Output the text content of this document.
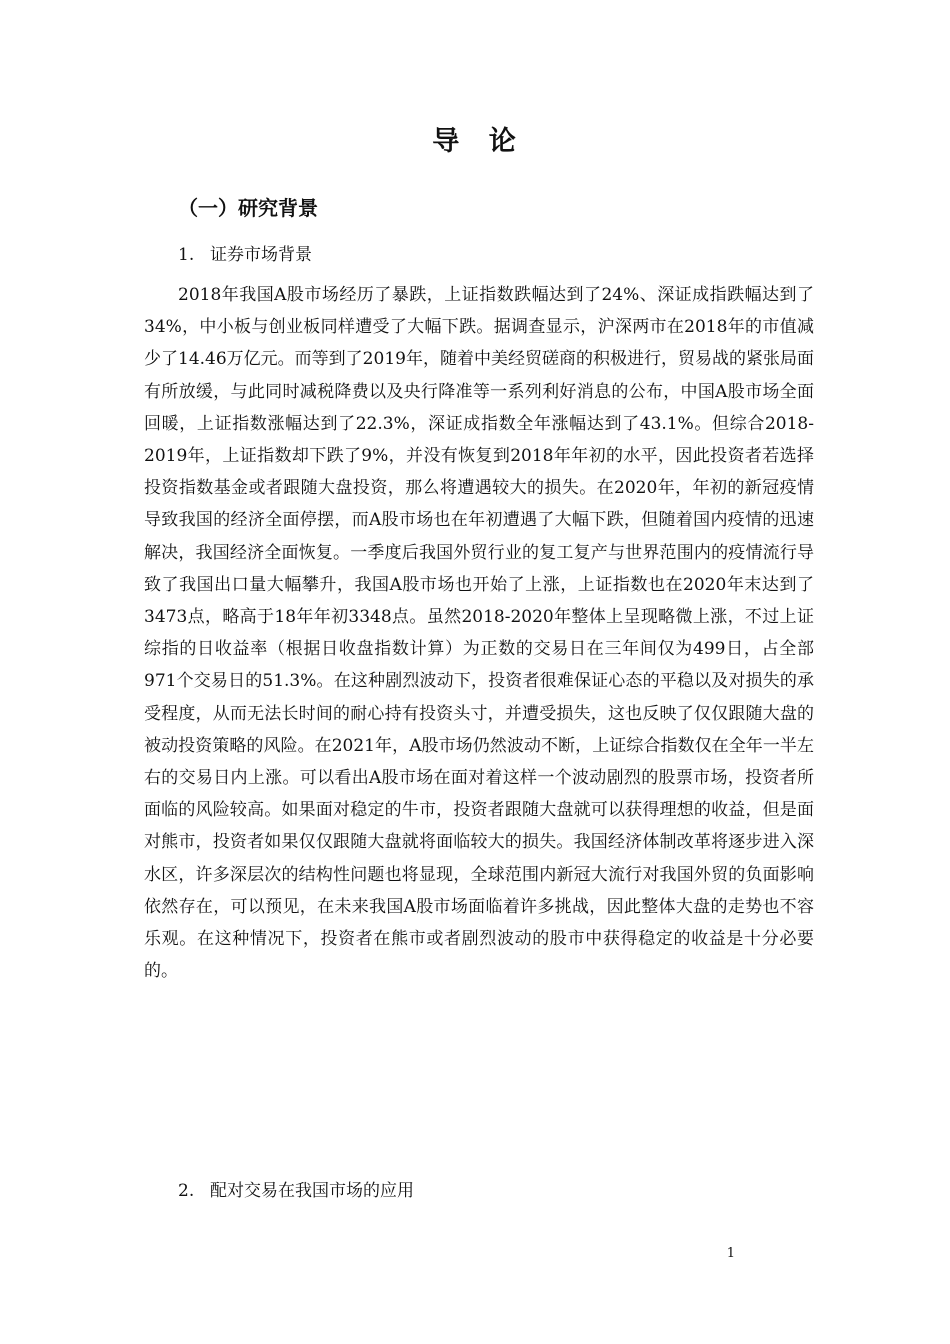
导 论
（一）研究背景
1. 证券市场背景

2018年我国A股市场经历了暴跌，上证指数跌幅达到了24%、深证成指跌幅达到了34%，中小板与创业板同样遭受了大幅下跌。据调查显示，沪深两市在2018年的市值减少了14.46万亿元。而等到了2019年，随着中美经贸磋商的积极进行，贸易战的紧张局面有所放缓，与此同时减税降费以及央行降准等一系列利好消息的公布，中国A股市场全面回暖，上证指数涨幅达到了22.3%，深证成指数全年涨幅达到了43.1%。但综合2018-2019年，上证指数却下跌了9%，并没有恢复到2018年年初的水平，因此投资者若选择投资指数基金或者跟随大盘投资，那么将遭遇较大的损失。在2020年，年初的新冠疫情导致我国的经济全面停摆，而A股市场也在年初遭遇了大幅下跌，但随着国内疫情的迅速解决，我国经济全面恢复。一季度后我国外贸行业的复工复产与世界范围内的疫情流行导致了我国出口量大幅攀升，我国A股市场也开始了上涨，上证指数也在2020年末达到了3473点，略高于18年年初3348点。虽然2018-2020年整体上呈现略微上涨，不过上证综指的日收益率（根据日收盘指数计算）为正数的交易日在三年间仅为499日，占全部971个交易日的51.3%。在这种剧烈波动下，投资者很难保证心态的平稳以及对损失的承受程度，从而无法长时间的耐心持有投资头寸，并遭受损失，这也反映了仅仅跟随大盘的被动投资策略的风险。在2021年，A股市场仍然波动不断，上证综合指数仅在全年一半左右的交易日内上涨。可以看出A股市场在面对着这样一个波动剧烈的股票市场，投资者所面临的风险较高。如果面对稳定的牛市，投资者跟随大盘就可以获得理想的收益，但是面对熊市，投资者如果仅仅跟随大盘就将面临较大的损失。我国经济体制改革将逐步进入深水区，许多深层次的结构性问题也将显现，全球范围内新冠大流行对我国外贸的负面影响依然存在，可以预见，在未来我国A股市场面临着许多挑战，因此整体大盘的走势也不容乐观。在这种情况下，投资者在熊市或者剧烈波动的股市中获得稳定的收益是十分必要的。

2. 配对交易在我国市场的应用
1
